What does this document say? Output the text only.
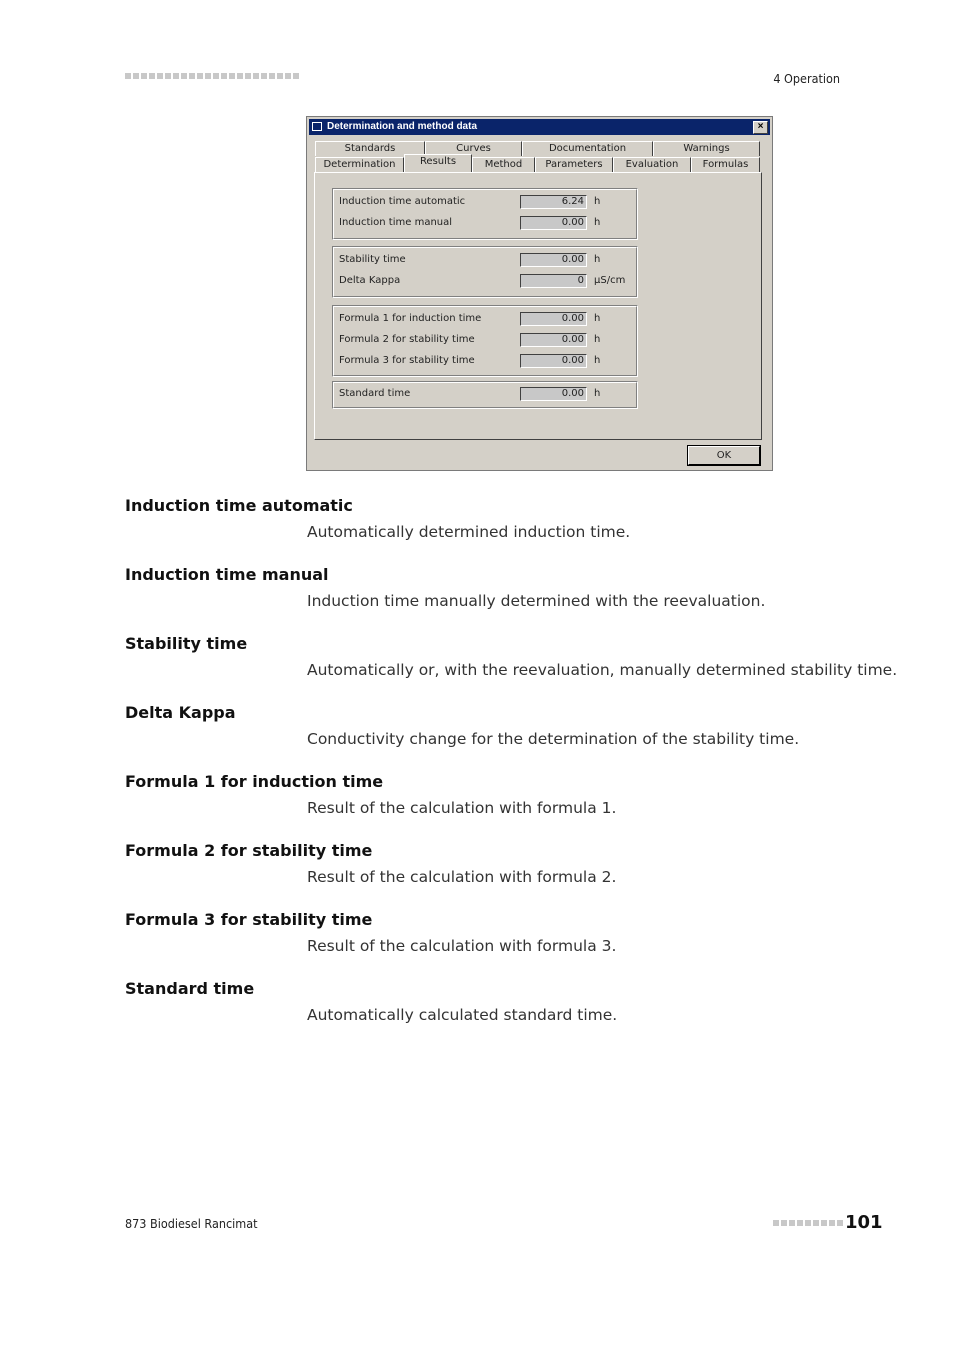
4 Operation
Determination and method data	×
Standards	Curves	Documentation	Warnings
Determination	Results	Method	Parameters	Evaluation	Formulas
Induction time automatic	6.24	h
Induction time manual	0.00	h
Stability time	0.00	h
Delta Kappa	0	µS/cm
Formula 1 for induction time	0.00	h
Formula 2 for stability time	0.00	h
Formula 3 for stability time	0.00	h
Standard time	0.00	h
OK
Induction time automatic
Automatically determined induction time.
Induction time manual
Induction time manually determined with the reevaluation.
Stability time
Automatically or, with the reevaluation, manually determined stability time.
Delta Kappa
Conductivity change for the determination of the stability time.
Formula 1 for induction time
Result of the calculation with formula 1.
Formula 2 for stability time
Result of the calculation with formula 2.
Formula 3 for stability time
Result of the calculation with formula 3.
Standard time
Automatically calculated standard time.
873 Biodiesel Rancimat	101
